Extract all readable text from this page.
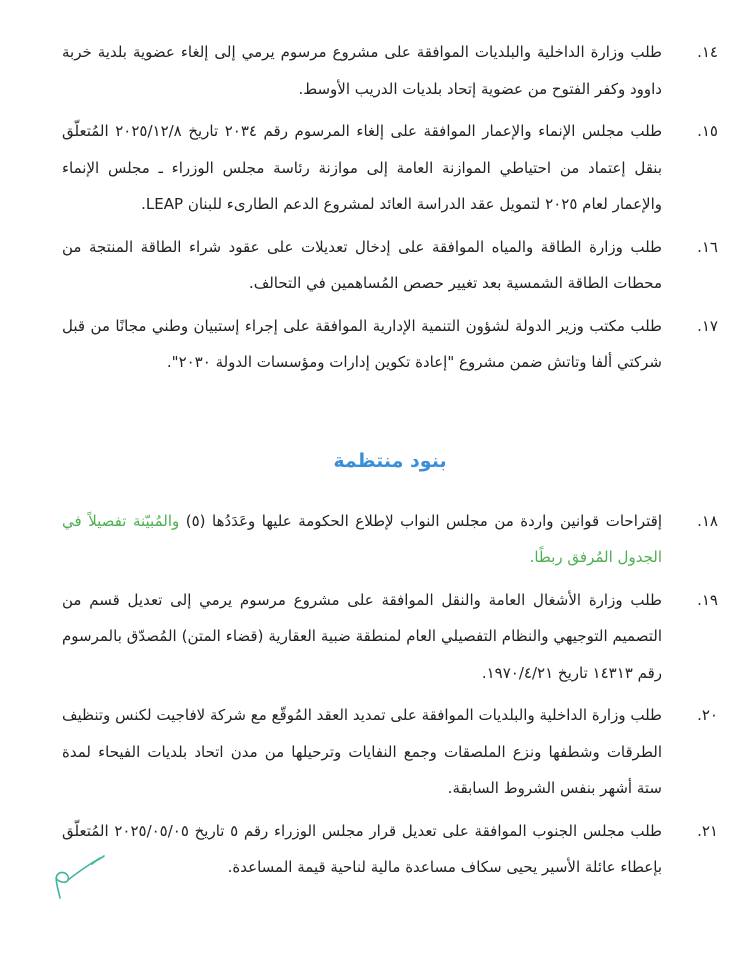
١٤.
طلب وزارة الداخلية والبلديات الموافقة على مشروع مرسوم يرمي إلى إلغاء عضوية بلدية خربة داوود وكفر الفتوح من عضوية إتحاد بلديات الدريب الأوسط.
١٥.
طلب مجلس الإنماء والإعمار الموافقة على إلغاء المرسوم رقم ٢٠٣٤ تاريخ ٢٠٢٥/١٢/٨ المُتعلّق بنقل إعتماد من احتياطي الموازنة العامة إلى موازنة رئاسة مجلس الوزراء ـ مجلس الإنماء والإعمار لعام ٢٠٢٥ لتمويل عقد الدراسة العائد لمشروع الدعم الطارىء للبنان LEAP.
١٦.
طلب وزارة الطاقة والمياه الموافقة على إدخال تعديلات على عقود شراء الطاقة المنتجة من محطات الطاقة الشمسية بعد تغيير حصص المُساهمين في التحالف.
١٧.
طلب مكتب وزير الدولة لشؤون التنمية الإدارية الموافقة على إجراء إستبيان وطني مجانًا من قبل شركتي ألفا وتاتش ضمن مشروع "إعادة تكوين إدارات ومؤسسات الدولة ٢٠٣٠".
بنود منتظمة
١٨.
إقتراحات قوانين واردة من مجلس النواب لإطلاع الحكومة عليها وعَدَدُها (٥) والمُبيّنة تفصيلاً في الجدول المُرفق ربطًا.
١٩.
طلب وزارة الأشغال العامة والنقل الموافقة على مشروع مرسوم يرمي إلى تعديل قسم من التصميم التوجيهي والنظام التفصيلي العام لمنطقة ضبية العقارية (قضاء المتن) المُصدّق بالمرسوم رقم ١٤٣١٣ تاريخ ١٩٧٠/٤/٢١.
٢٠.
طلب وزارة الداخلية والبلديات الموافقة على تمديد العقد المُوقّع مع شركة لافاجيت لكنس وتنظيف الطرقات وشطفها ونزع الملصقات وجمع النفايات وترحيلها من مدن اتحاد بلديات الفيحاء لمدة ستة أشهر بنفس الشروط السابقة.
٢١.
طلب مجلس الجنوب الموافقة على تعديل قرار مجلس الوزراء رقم ٥ تاريخ ٢٠٢٥/٠٥/٠٥ المُتعلّق بإعطاء عائلة الأسير يحيى سكاف مساعدة مالية لناحية قيمة المساعدة.
